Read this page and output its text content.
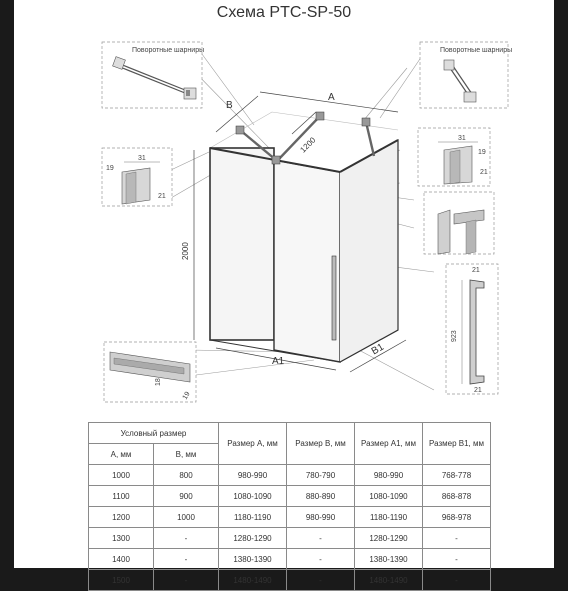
Схема PTC-SP-50
Поворотные шарниры	Поворотные шарниры
31
19
21
31
19
21
21
923
21
18
19
A
B
A1
B1
2000
1200
Условный размер		Размер А, мм	Размер В, мм	Размер А1, мм	Размер В1, мм
А, мм	В, мм				
1000	800	980-990	780-790	980-990	768-778
1100	900	1080-1090	880-890	1080-1090	868-878
1200	1000	1180-1190	980-990	1180-1190	968-978
1300	-	1280-1290	-	1280-1290	-
1400	-	1380-1390	-	1380-1390	-
1500	-	1480-1490	-	1480-1490	-
